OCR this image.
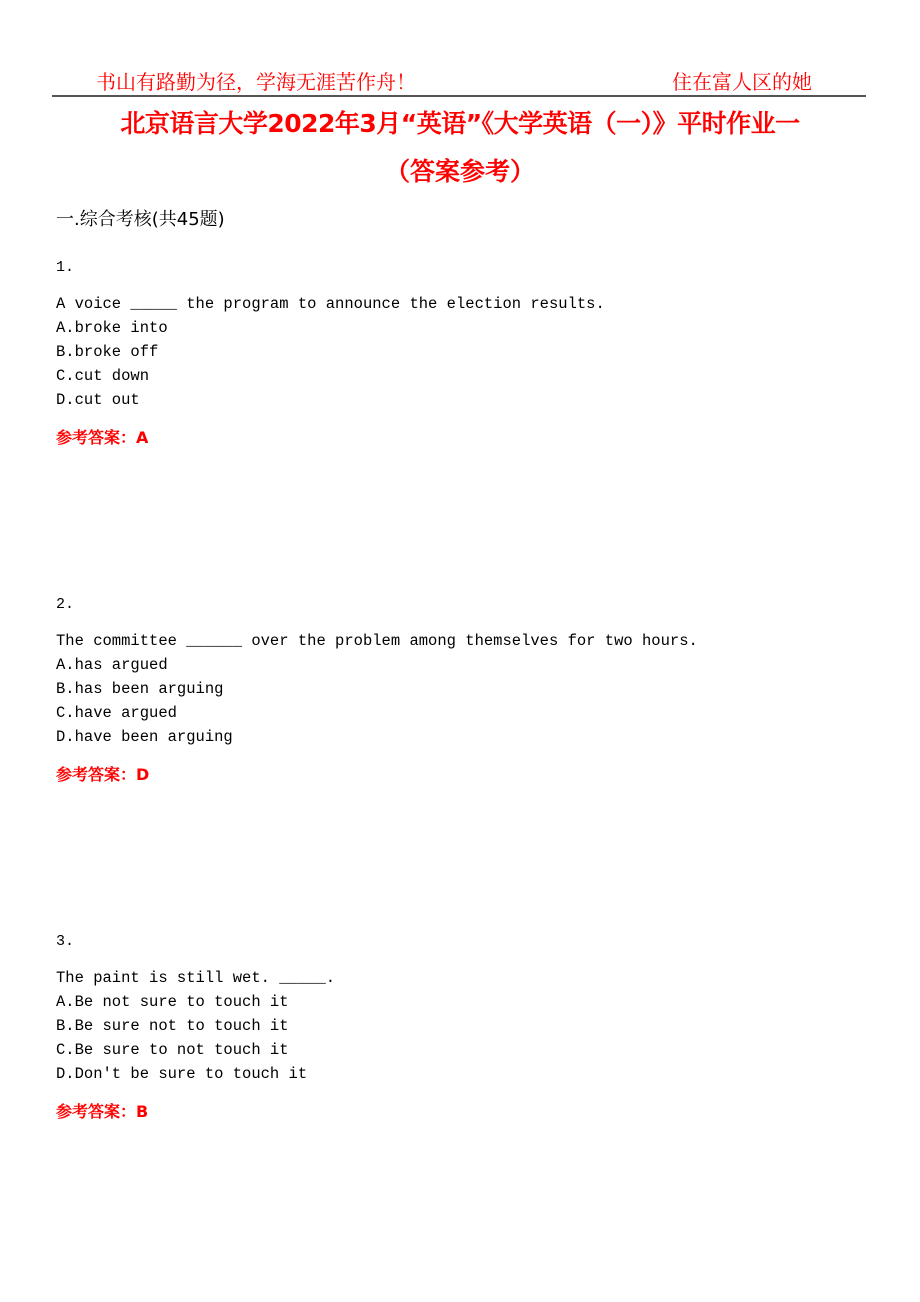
书山有路勤为径，学海无涯苦作舟！	住在富人区的她
北京语言大学2022年3月“英语”《大学英语（一）》平时作业一
（答案参考）
一.综合考核(共45题)
1.
A voice _____ the program to announce the election results.
A.broke into
B.broke off
C.cut down
D.cut out
参考答案：A
2.
The committee ______ over the problem among themselves for two hours.
A.has argued
B.has been arguing
C.have argued
D.have been arguing
参考答案：D
3.
The paint is still wet. _____.
A.Be not sure to touch it
B.Be sure not to touch it
C.Be sure to not touch it
D.Don't be sure to touch it
参考答案：B
